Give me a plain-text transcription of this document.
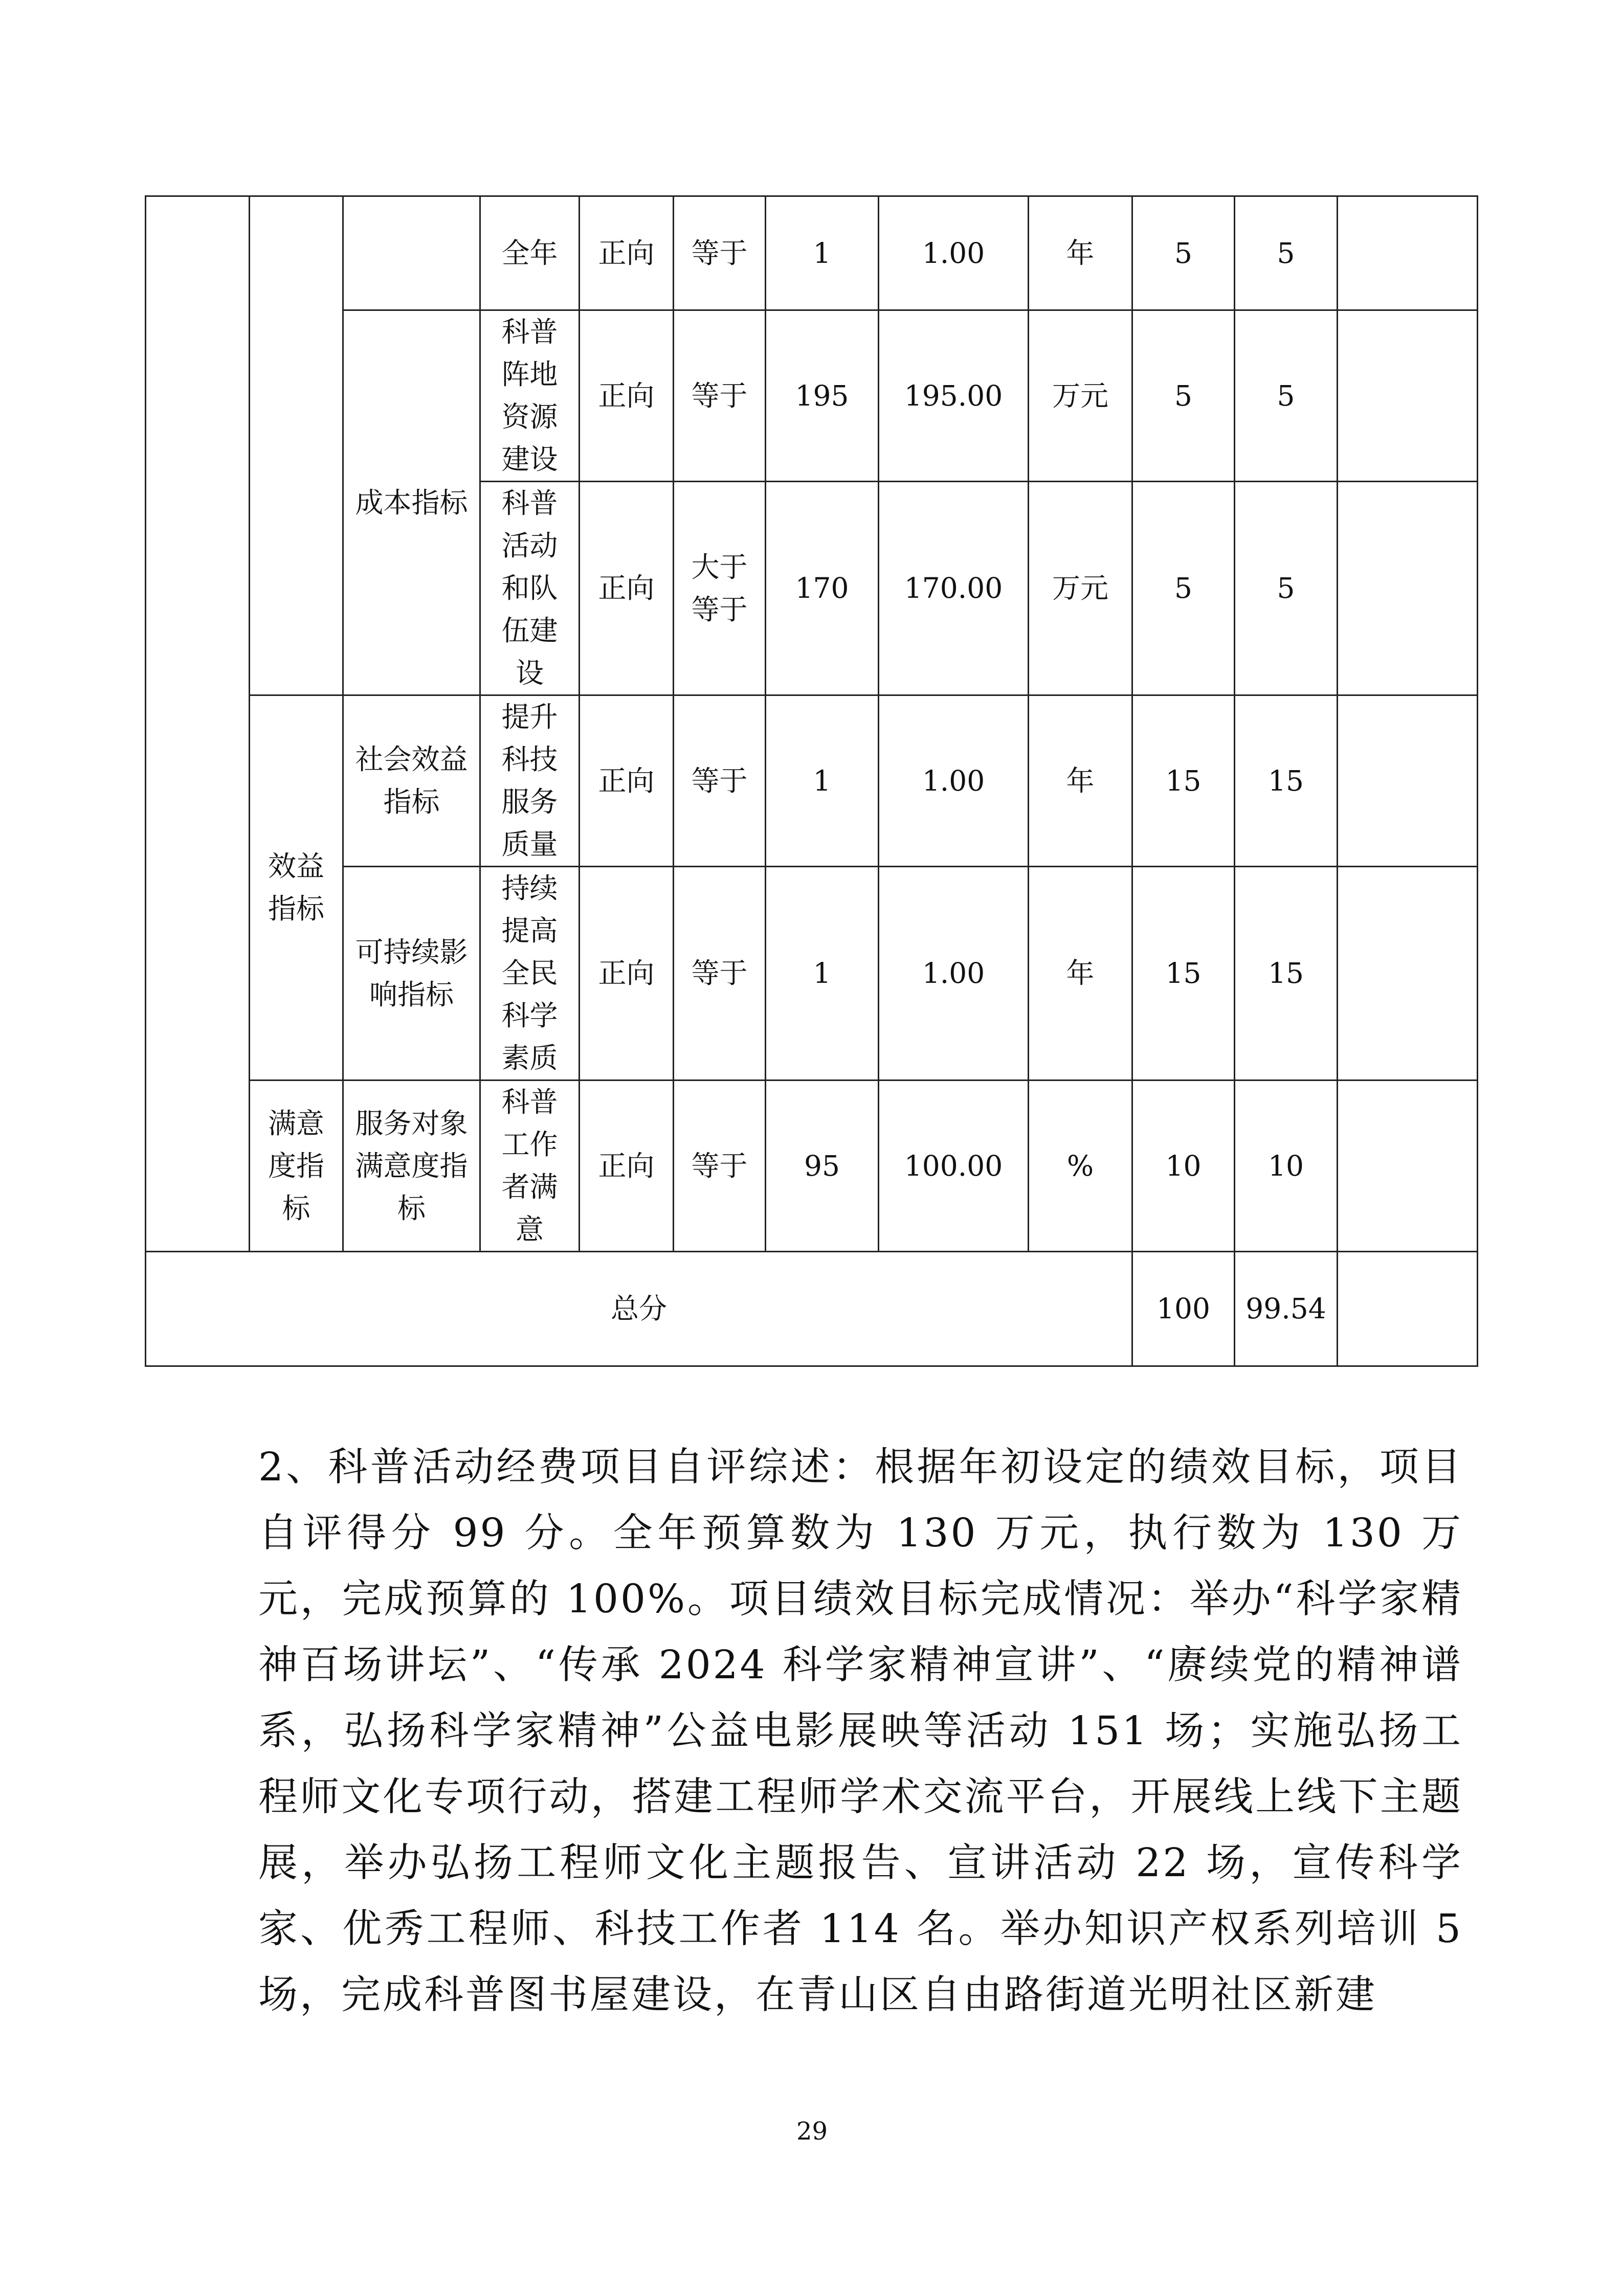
			全年	正向	等于	1	1.00	年	5	5	
		成本指标	科普阵地资源建设	正向	等于	195	195.00	万元	5	5	
			科普活动和队伍建设	正向	大于等于	170	170.00	万元	5	5	
	效益指标	社会效益指标	提升科技服务质量	正向	等于	1	1.00	年	15	15	
		可持续影响指标	持续提高全民科学素质	正向	等于	1	1.00	年	15	15	
	满意度指标	服务对象满意度指标	科普工作者满意	正向	等于	95	100.00	%	10	10	
总分									100	99.54	

2、科普活动经费项目自评综述：根据年初设定的绩效目标，项目自评得分 99 分。全年预算数为 130 万元，执行数为 130 万元，完成预算的 100%。项目绩效目标完成情况：举办“科学家精神百场讲坛”、“传承 2024 科学家精神宣讲”、“赓续党的精神谱系，弘扬科学家精神”公益电影展映等活动 151 场；实施弘扬工程师文化专项行动，搭建工程师学术交流平台，开展线上线下主题展，举办弘扬工程师文化主题报告、宣讲活动 22 场，宣传科学家、优秀工程师、科技工作者 114 名。举办知识产权系列培训 5 场，完成科普图书屋建设，在青山区自由路街道光明社区新建

29
